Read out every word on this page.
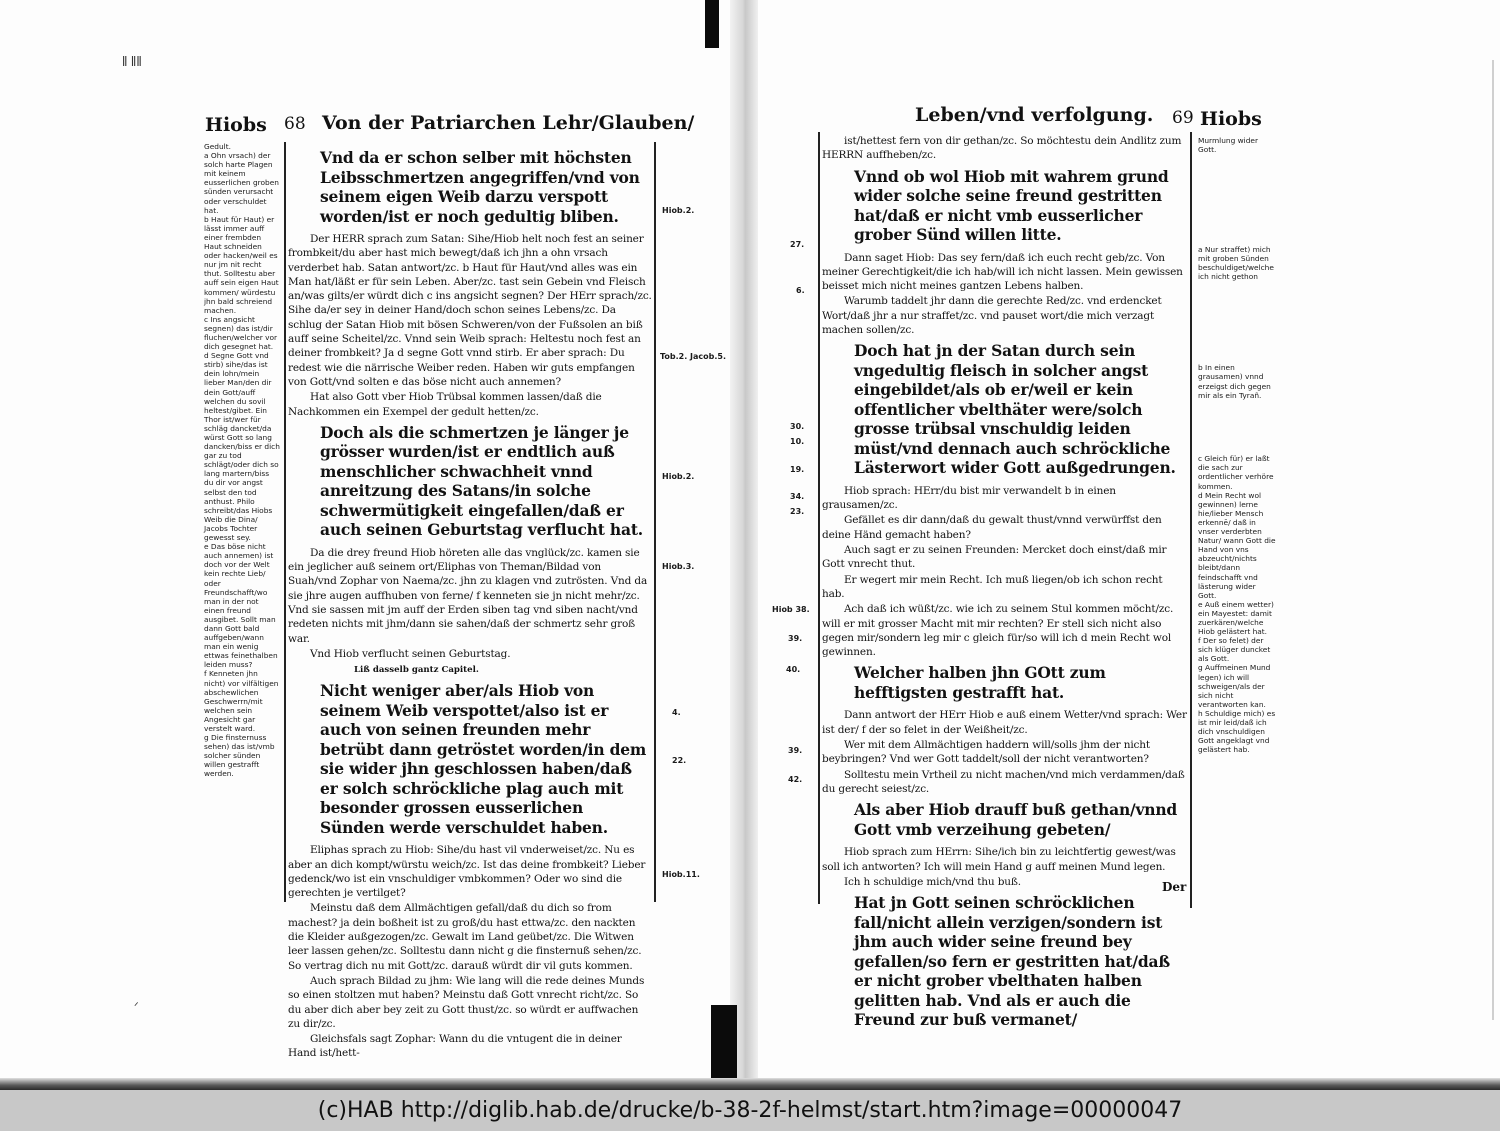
ǁ ǁǁ
ᐟ
Hiobs 68 Von der Patriarchen Lehr/Glauben/
Gedult.
a Ohn vrsach) der solch harte Plagen mit keinem eusserlichen groben sünden verursacht oder verschuldet hat.
b Haut für Haut) er lässt immer auff einer frembden Haut schneiden oder hacken/weil es nur jm nit recht thut. Solltestu aber auff sein eigen Haut kommen/ würdestu jhn bald schreiend machen.
c Ins angsicht segnen) das ist/dir fluchen/welcher vor dich gesegnet hat.
d Segne Gott vnd stirb) sihe/das ist dein lohn/mein lieber Man/den dir dein Gott/auff welchen du sovil heltest/gibet. Ein Thor ist/wer für schläg dancket/da würst Gott so lang dancken/biss er dich gar zu tod schlägt/oder dich so lang martern/biss du dir vor angst selbst den tod anthust. Philo schreibt/das Hiobs Weib die Dina/ Jacobs Tochter gewesst sey.
e Das böse nicht auch annemen) ist doch vor der Welt kein rechte Lieb/ oder Freundschafft/wo man in der not einen freund ausgibet. Sollt man dann Gott bald auffgeben/wann man ein wenig ettwas feinethalben leiden muss?
f Kenneten jhn nicht) vor vilfältigen abschewlichen Geschwerrn/mit welchen sein Angesicht gar verstelt ward.
g Die finsternuss sehen) das ist/vmb solcher sünden willen gestrafft werden.

Vnd da er schon selber mit höchsten Leibsschmertzen angegriffen/vnd von seinem eigen Weib darzu verspott worden/ist er noch gedultig bliben.

Der HERR sprach zum Satan: Sihe/Hiob helt noch fest an seiner frombkeit/du aber hast mich bewegt/daß ich jhn a ohn vrsach verderbet hab. Satan antwort/zc. b Haut für Haut/vnd alles was ein Man hat/läßt er für sein Leben. Aber/zc. tast sein Gebein vnd Fleisch an/was gilts/er würdt dich c ins angsicht segnen? Der HErr sprach/zc. Sihe da/er sey in deiner Hand/doch schon seines Lebens/zc. Da schlug der Satan Hiob mit bösen Schweren/von der Fußsolen an biß auff seine Scheitel/zc. Vnnd sein Weib sprach: Heltestu noch fest an deiner frombkeit? Ja d segne Gott vnnd stirb. Er aber sprach: Du redest wie die närrische Weiber reden. Haben wir guts empfangen von Gott/vnd solten e das böse nicht auch annemen?

Hat also Gott vber Hiob Trübsal kommen lassen/daß die Nachkommen ein Exempel der gedult hetten/zc.

Doch als die schmertzen je länger je grösser wurden/ist er endtlich auß menschlicher schwachheit vnnd anreitzung des Satans/in solche schwermütigkeit eingefallen/daß er auch seinen Geburtstag verflucht hat.

Da die drey freund Hiob höreten alle das vnglück/zc. kamen sie ein jeglicher auß seinem ort/Eliphas von Theman/Bildad von Suah/vnd Zophar von Naema/zc. jhn zu klagen vnd zutrösten. Vnd da sie jhre augen auffhuben von ferne/ f kenneten sie jn nicht mehr/zc. Vnd sie sassen mit jm auff der Erden siben tag vnd siben nacht/vnd redeten nichts mit jhm/dann sie sahen/daß der schmertz sehr groß war.

Vnd Hiob verflucht seinen Geburtstag.

Liß dasselb gantz Capitel.

Nicht weniger aber/als Hiob von seinem Weib verspottet/also ist er auch von seinen freunden mehr betrübt dann getröstet worden/in dem sie wider jhn geschlossen haben/daß er solch schröckliche plag auch mit besonder grossen eusserlichen Sünden werde verschuldet haben.

Eliphas sprach zu Hiob: Sihe/du hast vil vnderweiset/zc. Nu es aber an dich kompt/würstu weich/zc. Ist das deine frombkeit? Lieber gedenck/wo ist ein vnschuldiger vmbkommen? Oder wo sind die gerechten je vertilget?

Meinstu daß dem Allmächtigen gefall/daß du dich so from machest? ja dein boßheit ist zu groß/du hast ettwa/zc. den nackten die Kleider außgezogen/zc. Gewalt im Land geübet/zc. Die Witwen leer lassen gehen/zc. Solltestu dann nicht g die finsternuß sehen/zc. So vertrag dich nu mit Gott/zc. darauß würdt dir vil guts kommen.

Auch sprach Bildad zu jhm: Wie lang will die rede deines Munds so einen stoltzen mut haben? Meinstu daß Gott vnrecht richt/zc. So du aber dich aber bey zeit zu Gott thust/zc. so würdt er auffwachen zu dir/zc.

Gleichsfals sagt Zophar: Wann du die vntugent die in deiner Hand ist/hett-

Hiob.2.
Tob.2. Jacob.5.
Hiob.2.
Hiob.3.
4.
22.
Hiob.11.
Leben/vnd verfolgung. 69 Hiobs
27.
6.
30.
10.
19.
34.
23.
Hiob 38.
39.
40.
39.
42.

ist/hettest fern von dir gethan/zc. So möchtestu dein Andlitz zum HERRN auffheben/zc.

Vnnd ob wol Hiob mit wahrem grund wider solche seine freund gestritten hat/daß er nicht vmb eusserlicher grober Sünd willen litte.

Dann saget Hiob: Das sey fern/daß ich euch recht geb/zc. Von meiner Gerechtigkeit/die ich hab/will ich nicht lassen. Mein gewissen beisset mich nicht meines gantzen Lebens halben.

Warumb taddelt jhr dann die gerechte Red/zc. vnd erdencket Wort/daß jhr a nur straffet/zc. vnd pauset wort/die mich verzagt machen sollen/zc.

Doch hat jn der Satan durch sein vngedultig fleisch in solcher angst eingebildet/als ob er/weil er kein offentlicher vbelthäter were/solch grosse trübsal vnschuldig leiden müst/vnd dennach auch schröckliche Lästerwort wider Gott außgedrungen.

Hiob sprach: HErr/du bist mir verwandelt b in einen grausamen/zc.

Gefället es dir dann/daß du gewalt thust/vnnd verwürffst den deine Händ gemacht haben?

Auch sagt er zu seinen Freunden: Mercket doch einst/daß mir Gott vnrecht thut.

Er wegert mir mein Recht. Ich muß liegen/ob ich schon recht hab.

Ach daß ich wüßt/zc. wie ich zu seinem Stul kommen möcht/zc. will er mit grosser Macht mit mir rechten? Er stell sich nicht also gegen mir/sondern leg mir c gleich für/so will ich d mein Recht wol gewinnen.

Welcher halben jhn GOtt zum hefftigsten gestrafft hat.

Dann antwort der HErr Hiob e auß einem Wetter/vnd sprach: Wer ist der/ f der so felet in der Weißheit/zc.

Wer mit dem Allmächtigen haddern will/solls jhm der nicht beybringen? Vnd wer Gott taddelt/soll der nicht verantworten?

Solltestu mein Vrtheil zu nicht machen/vnd mich verdammen/daß du gerecht seiest/zc.

Als aber Hiob drauff buß gethan/vnnd Gott vmb verzeihung gebeten/

Hiob sprach zum HErrn: Sihe/ich bin zu leichtfertig gewest/was soll ich antworten? Ich will mein Hand g auff meinen Mund legen.

Ich h schuldige mich/vnd thu buß.

Hat jn Gott seinen schröcklichen fall/nicht allein verzigen/sondern ist jhm auch wider seine freund bey gefallen/so fern er gestritten hat/daß er nicht grober vbelthaten halben gelitten hab. Vnd als er auch die Freund zur buß vermanet/

Der
Murmlung wider Gott.

a Nur straffet) mich mit groben Sünden beschuldiget/welche ich nicht gethon

b In einen grausamen) vnnd erzeigst dich gegen mir als ein Tyrañ.

c Gleich für) er laßt die sach zur ordentlicher verhöre kommen.
d Mein Recht wol gewinnen) lerne hie/lieber Mensch erkennē/ daß in vnser verderbten Natur/ wann Gott die Hand von vns abzeucht/nichts bleibt/dann feindschafft vnd lästerung wider Gott.
e Auß einem wetter) ein Mayestet: damit zuerkären/welche Hiob gelästert hat.
f Der so felet) der sich klüger duncket als Gott.
g Auffmeinen Mund legen) ich will schweigen/als der sich nicht verantworten kan.
h Schuldige mich) es ist mir leid/daß ich dich vnschuldigen Gott angeklagt vnd gelästert hab.
(c)HAB http://diglib.hab.de/drucke/b-38-2f-helmst/start.htm?image=00000047
